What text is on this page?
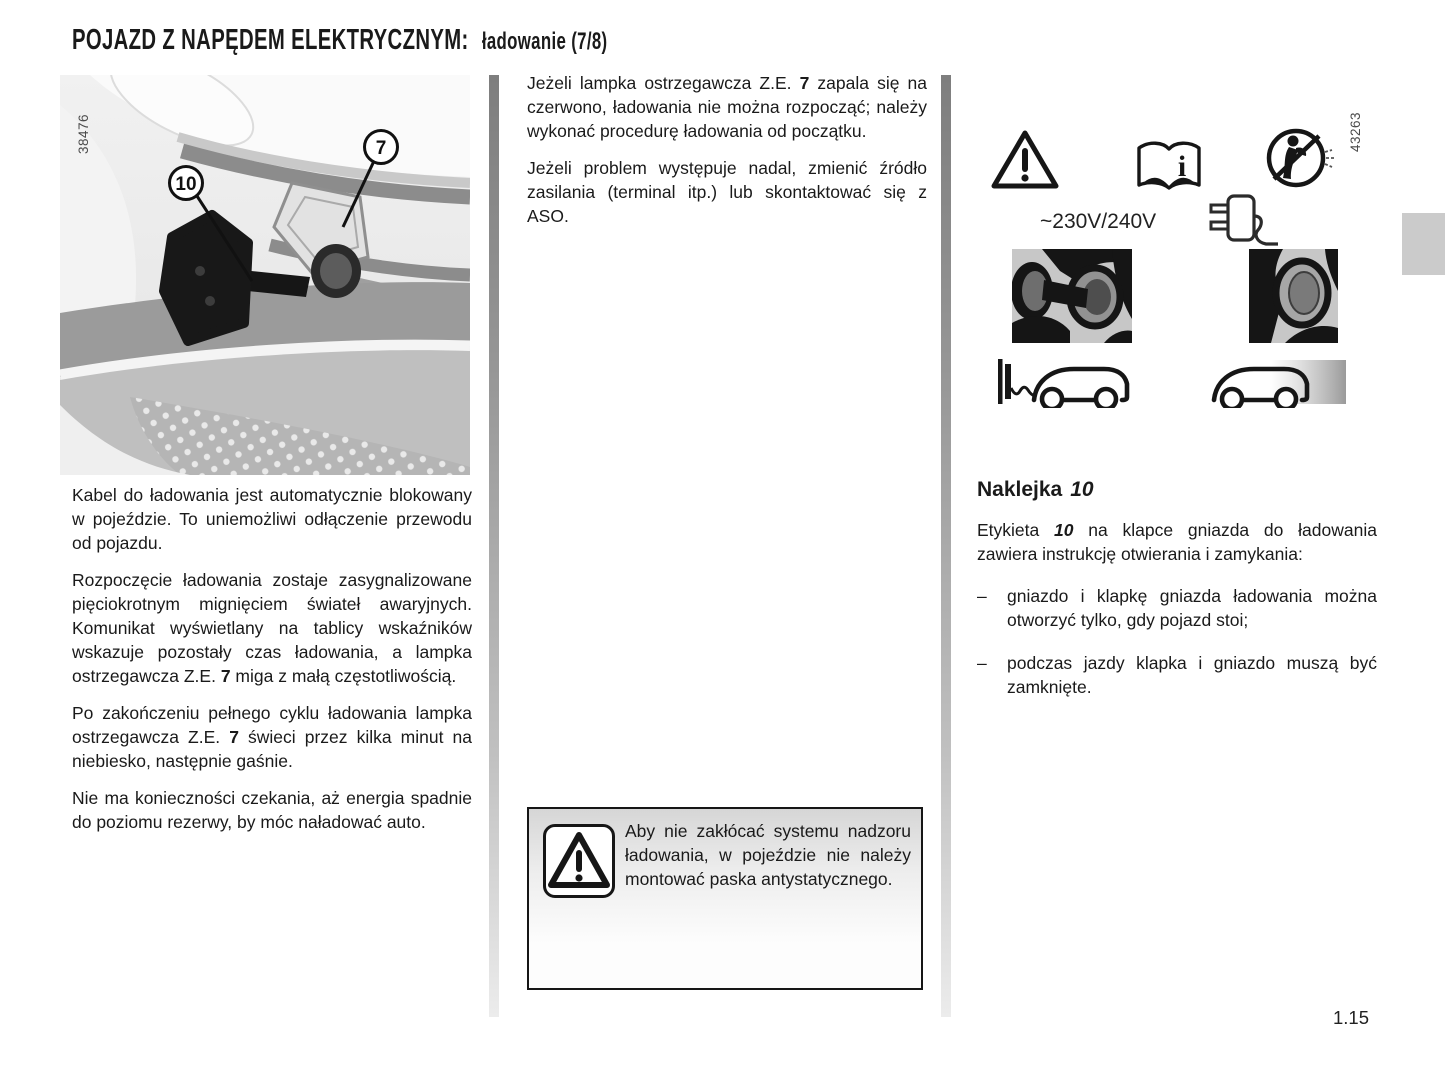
POJAZD Z NAPĘDEM ELEKTRYCZNYM: ładowanie (7/8)
10
7
38476

Kabel do ładowania jest automatycznie blokowany w pojeździe. To uniemożliwi odłączenie przewodu od pojazdu.

Rozpoczęcie ładowania zostaje zasygnalizowane pięciokrotnym mignięciem świateł awaryjnych. Komunikat wyświetlany na tablicy wskaźników wskazuje pozostały czas ładowania, a lampka ostrzegawcza Z.E. 7 miga z małą częstotliwością.

Po zakończeniu pełnego cyklu ładowania lampka ostrzegawcza Z.E. 7 świeci przez kilka minut na niebiesko, następnie gaśnie.

Nie ma konieczności czekania, aż energia spadnie do poziomu rezerwy, by móc naładować auto.

Jeżeli lampka ostrzegawcza Z.E. 7 zapala się na czerwono, ładowania nie można rozpocząć; należy wykonać procedurę ładowania od początku.

Jeżeli problem występuje nadal, zmienić źródło zasilania (terminal itp.) lub skontaktować się z ASO.

Aby nie zakłócać systemu nadzoru ładowania, w pojeździe nie należy montować paska antystatycznego.

43263
i
~230V/240V
Naklejka 10

Etykieta 10 na klapce gniazda do ładowania zawiera instrukcję otwierania i zamykania:

–	gniazdo i klapkę gniazda ładowania można otworzyć tylko, gdy pojazd stoi;

–	podczas jazdy klapka i gniazdo muszą być zamknięte.

1.15
